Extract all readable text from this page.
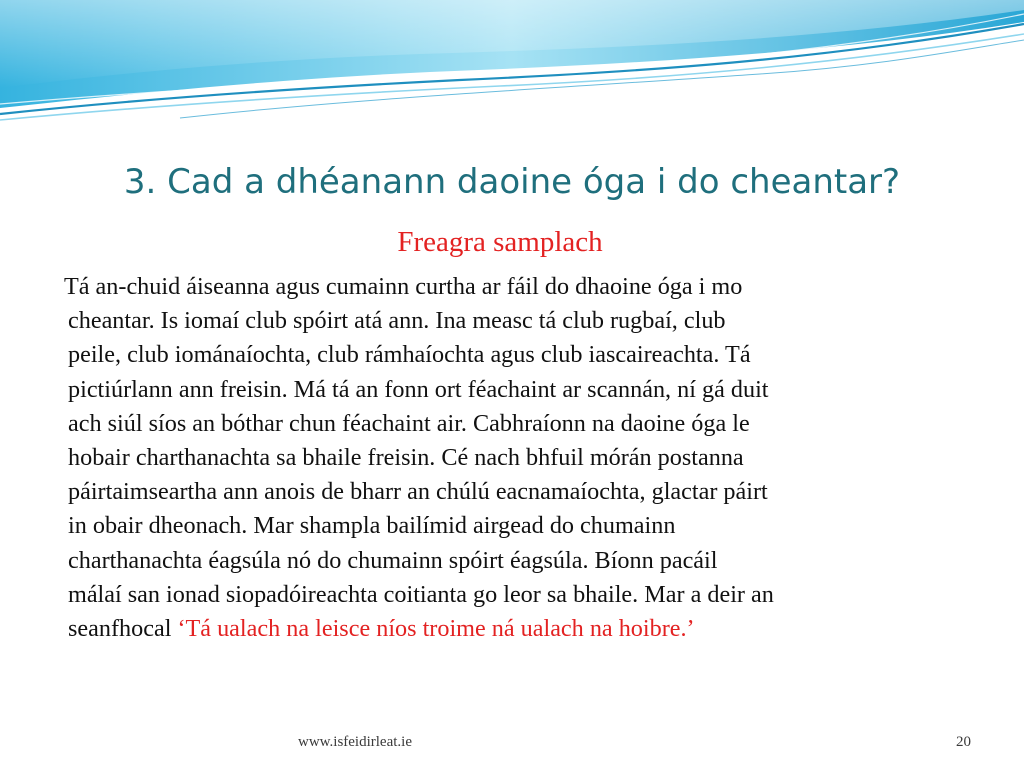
3. Cad a dhéanann daoine óga i do cheantar?
Freagra samplach
Tá an-chuid áiseanna agus cumainn curtha ar fáil do dhaoine óga i mo
cheantar. Is iomaí club spóirt atá ann. Ina measc tá club rugbaí, club
peile, club iománaíochta, club rámhaíochta agus club iascaireachta. Tá
pictiúrlann ann freisin. Má tá an fonn ort féachaint ar scannán, ní gá duit
ach siúl síos an bóthar chun féachaint air. Cabhraíonn na daoine óga le
hobair charthanachta sa bhaile freisin. Cé nach bhfuil mórán postanna
páirtaimseartha ann anois de bharr an chúlú eacnamaíochta, glactar páirt
in obair dheonach. Mar shampla bailímid airgead do chumainn
charthanachta éagsúla nó do chumainn spóirt éagsúla. Bíonn pacáil
málaí san ionad siopadóireachta coitianta go leor sa bhaile. Mar a deir an
seanfhocal ‘Tá ualach na leisce níos troime ná ualach na hoibre.’
www.isfeidirleat.ie	20
